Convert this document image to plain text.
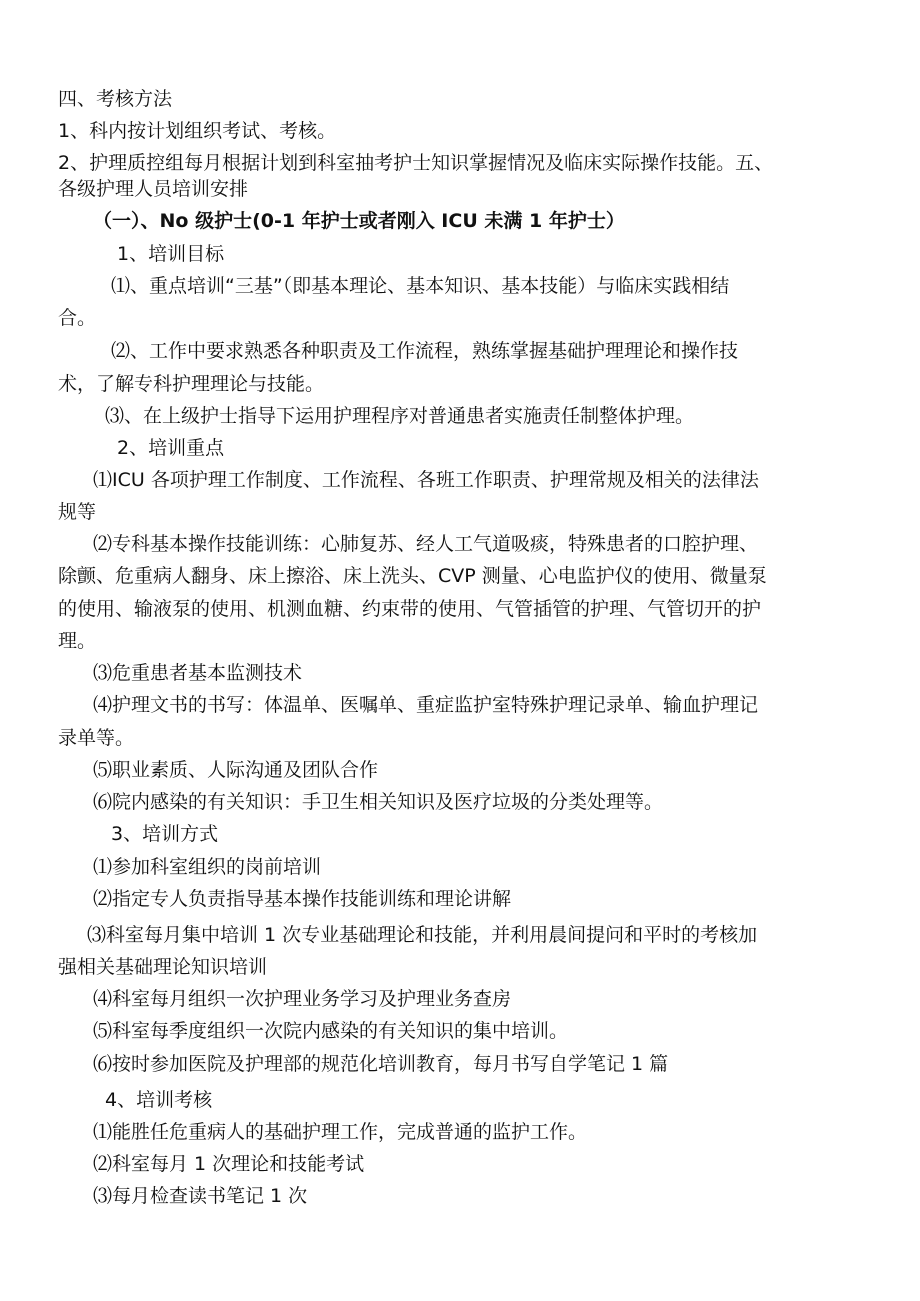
四、考核方法
1、科内按计划组织考试、考核。
2、护理质控组每月根据计划到科室抽考护士知识掌握情况及临床实际操作技能。五、
各级护理人员培训安排
（一）、No 级护士(0-1 年护士或者刚入 ICU 未满 1 年护士）
1、培训目标
⑴、重点培训“三基”（即基本理论、基本知识、基本技能）与临床实践相结
合。
⑵、工作中要求熟悉各种职责及工作流程，熟练掌握基础护理理论和操作技
术，了解专科护理理论与技能。
⑶、在上级护士指导下运用护理程序对普通患者实施责任制整体护理。
2、培训重点
⑴ICU 各项护理工作制度、工作流程、各班工作职责、护理常规及相关的法律法
规等
⑵专科基本操作技能训练：心肺复苏、经人工气道吸痰，特殊患者的口腔护理、
除颤、危重病人翻身、床上擦浴、床上洗头、CVP 测量、心电监护仪的使用、微量泵
的使用、输液泵的使用、机测血糖、约束带的使用、气管插管的护理、气管切开的护
理。
⑶危重患者基本监测技术
⑷护理文书的书写：体温单、医嘱单、重症监护室特殊护理记录单、输血护理记
录单等。
⑸职业素质、人际沟通及团队合作
⑹院内感染的有关知识：手卫生相关知识及医疗垃圾的分类处理等。
3、培训方式
⑴参加科室组织的岗前培训
⑵指定专人负责指导基本操作技能训练和理论讲解
⑶科室每月集中培训 1 次专业基础理论和技能，并利用晨间提问和平时的考核加
强相关基础理论知识培训
⑷科室每月组织一次护理业务学习及护理业务查房
⑸科室每季度组织一次院内感染的有关知识的集中培训。
⑹按时参加医院及护理部的规范化培训教育，每月书写自学笔记 1 篇
4、培训考核
⑴能胜任危重病人的基础护理工作，完成普通的监护工作。
⑵科室每月 1 次理论和技能考试
⑶每月检查读书笔记 1 次
